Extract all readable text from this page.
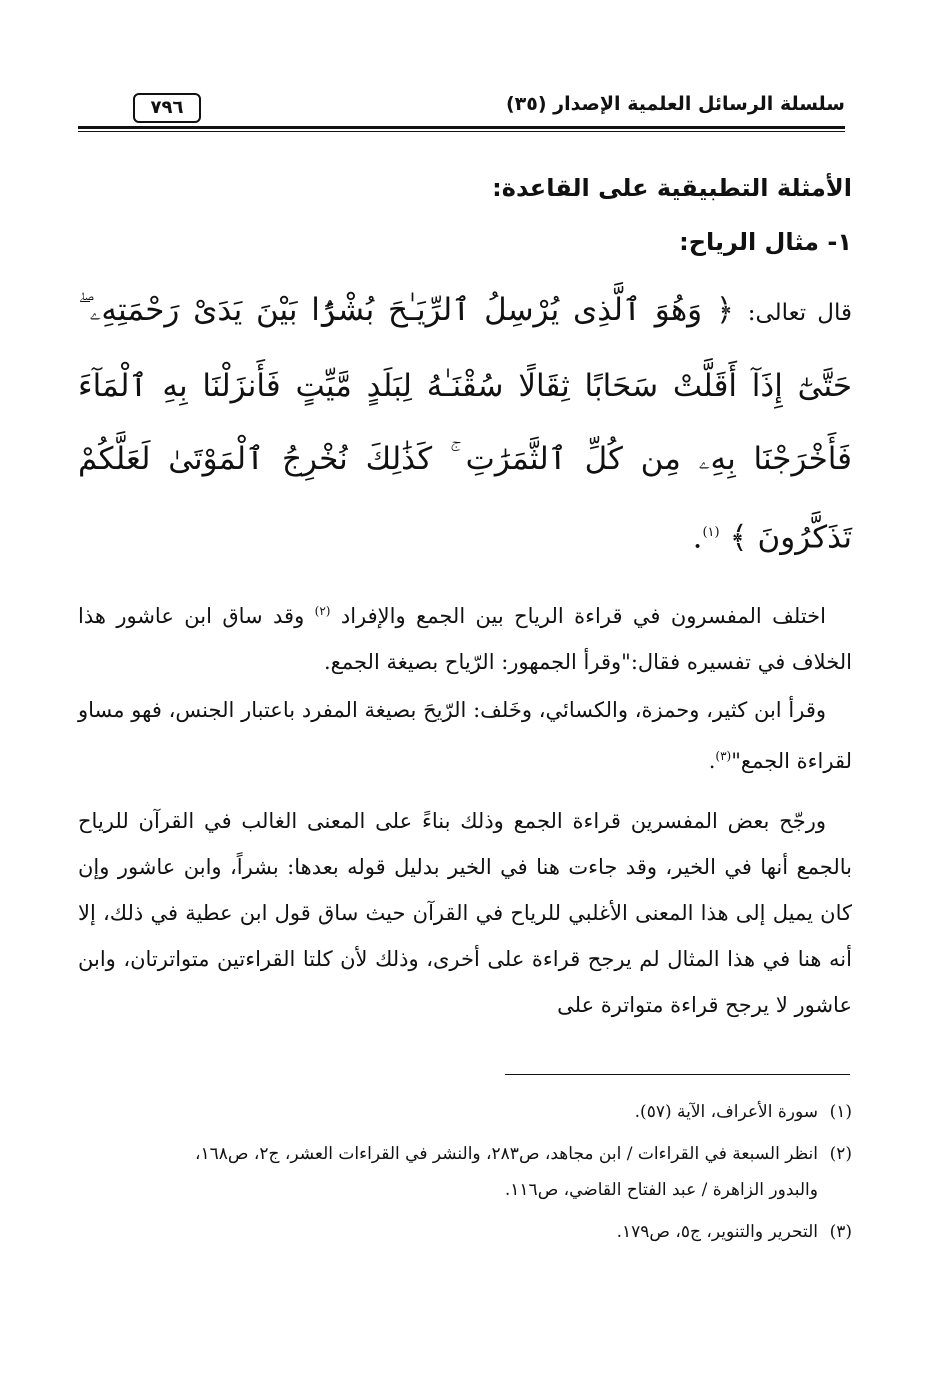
سلسلة الرسائل العلمية الإصدار (٣٥)
٧٩٦
الأمثلة التطبيقية على القاعدة:
١- مثال الرياح:
قال تعالى: ﴿ وَهُوَ ٱلَّذِى يُرْسِلُ ٱلرِّيَـٰحَ بُشْرًۢا بَيْنَ يَدَىْ رَحْمَتِهِۦ ۖ حَتَّىٰٓ إِذَآ أَقَلَّتْ سَحَابًا ثِقَالًا سُقْنَـٰهُ لِبَلَدٍ مَّيِّتٍ فَأَنزَلْنَا بِهِ ٱلْمَآءَ فَأَخْرَجْنَا بِهِۦ مِن كُلِّ ٱلثَّمَرَٰتِ ۚ كَذَٰلِكَ نُخْرِجُ ٱلْمَوْتَىٰ لَعَلَّكُمْ تَذَكَّرُونَ ﴾ $^{(١)}$.

اختلف المفسرون في قراءة الرياح بين الجمع والإفراد $^{(٢)}$ وقد ساق ابن عاشور هذا الخلاف في تفسيره فقال:"وقرأ الجمهور: الرّياح بصيغة الجمع.

وقرأ ابن كثير، وحمزة، والكسائي، وخَلف: الرّيحَ بصيغة المفرد باعتبار الجنس، فهو مساو لقراءة الجمع"$^{(٣)}$.

ورجّح بعض المفسرين قراءة الجمع وذلك بناءً على المعنى الغالب في القرآن للرياح بالجمع أنها في الخير، وقد جاءت هنا في الخير بدليل قوله بعدها: بشراً، وابن عاشور وإن كان يميل إلى هذا المعنى الأغلبي للرياح في القرآن حيث ساق قول ابن عطية في ذلك، إلا أنه هنا في هذا المثال لم يرجح قراءة على أخرى، وذلك لأن كلتا القراءتين متواترتان، وابن عاشور لا يرجح قراءة متواترة على

(١)سورة الأعراف، الآية (٥٧).
(٢)انظر السبعة في القراءات / ابن مجاهد، ص٢٨٣، والنشر في القراءات العشر، ج٢، ص١٦٨،
والبدور الزاهرة / عبد الفتاح القاضي، ص١١٦.
(٣)التحرير والتنوير، ج٥، ص١٧٩.
